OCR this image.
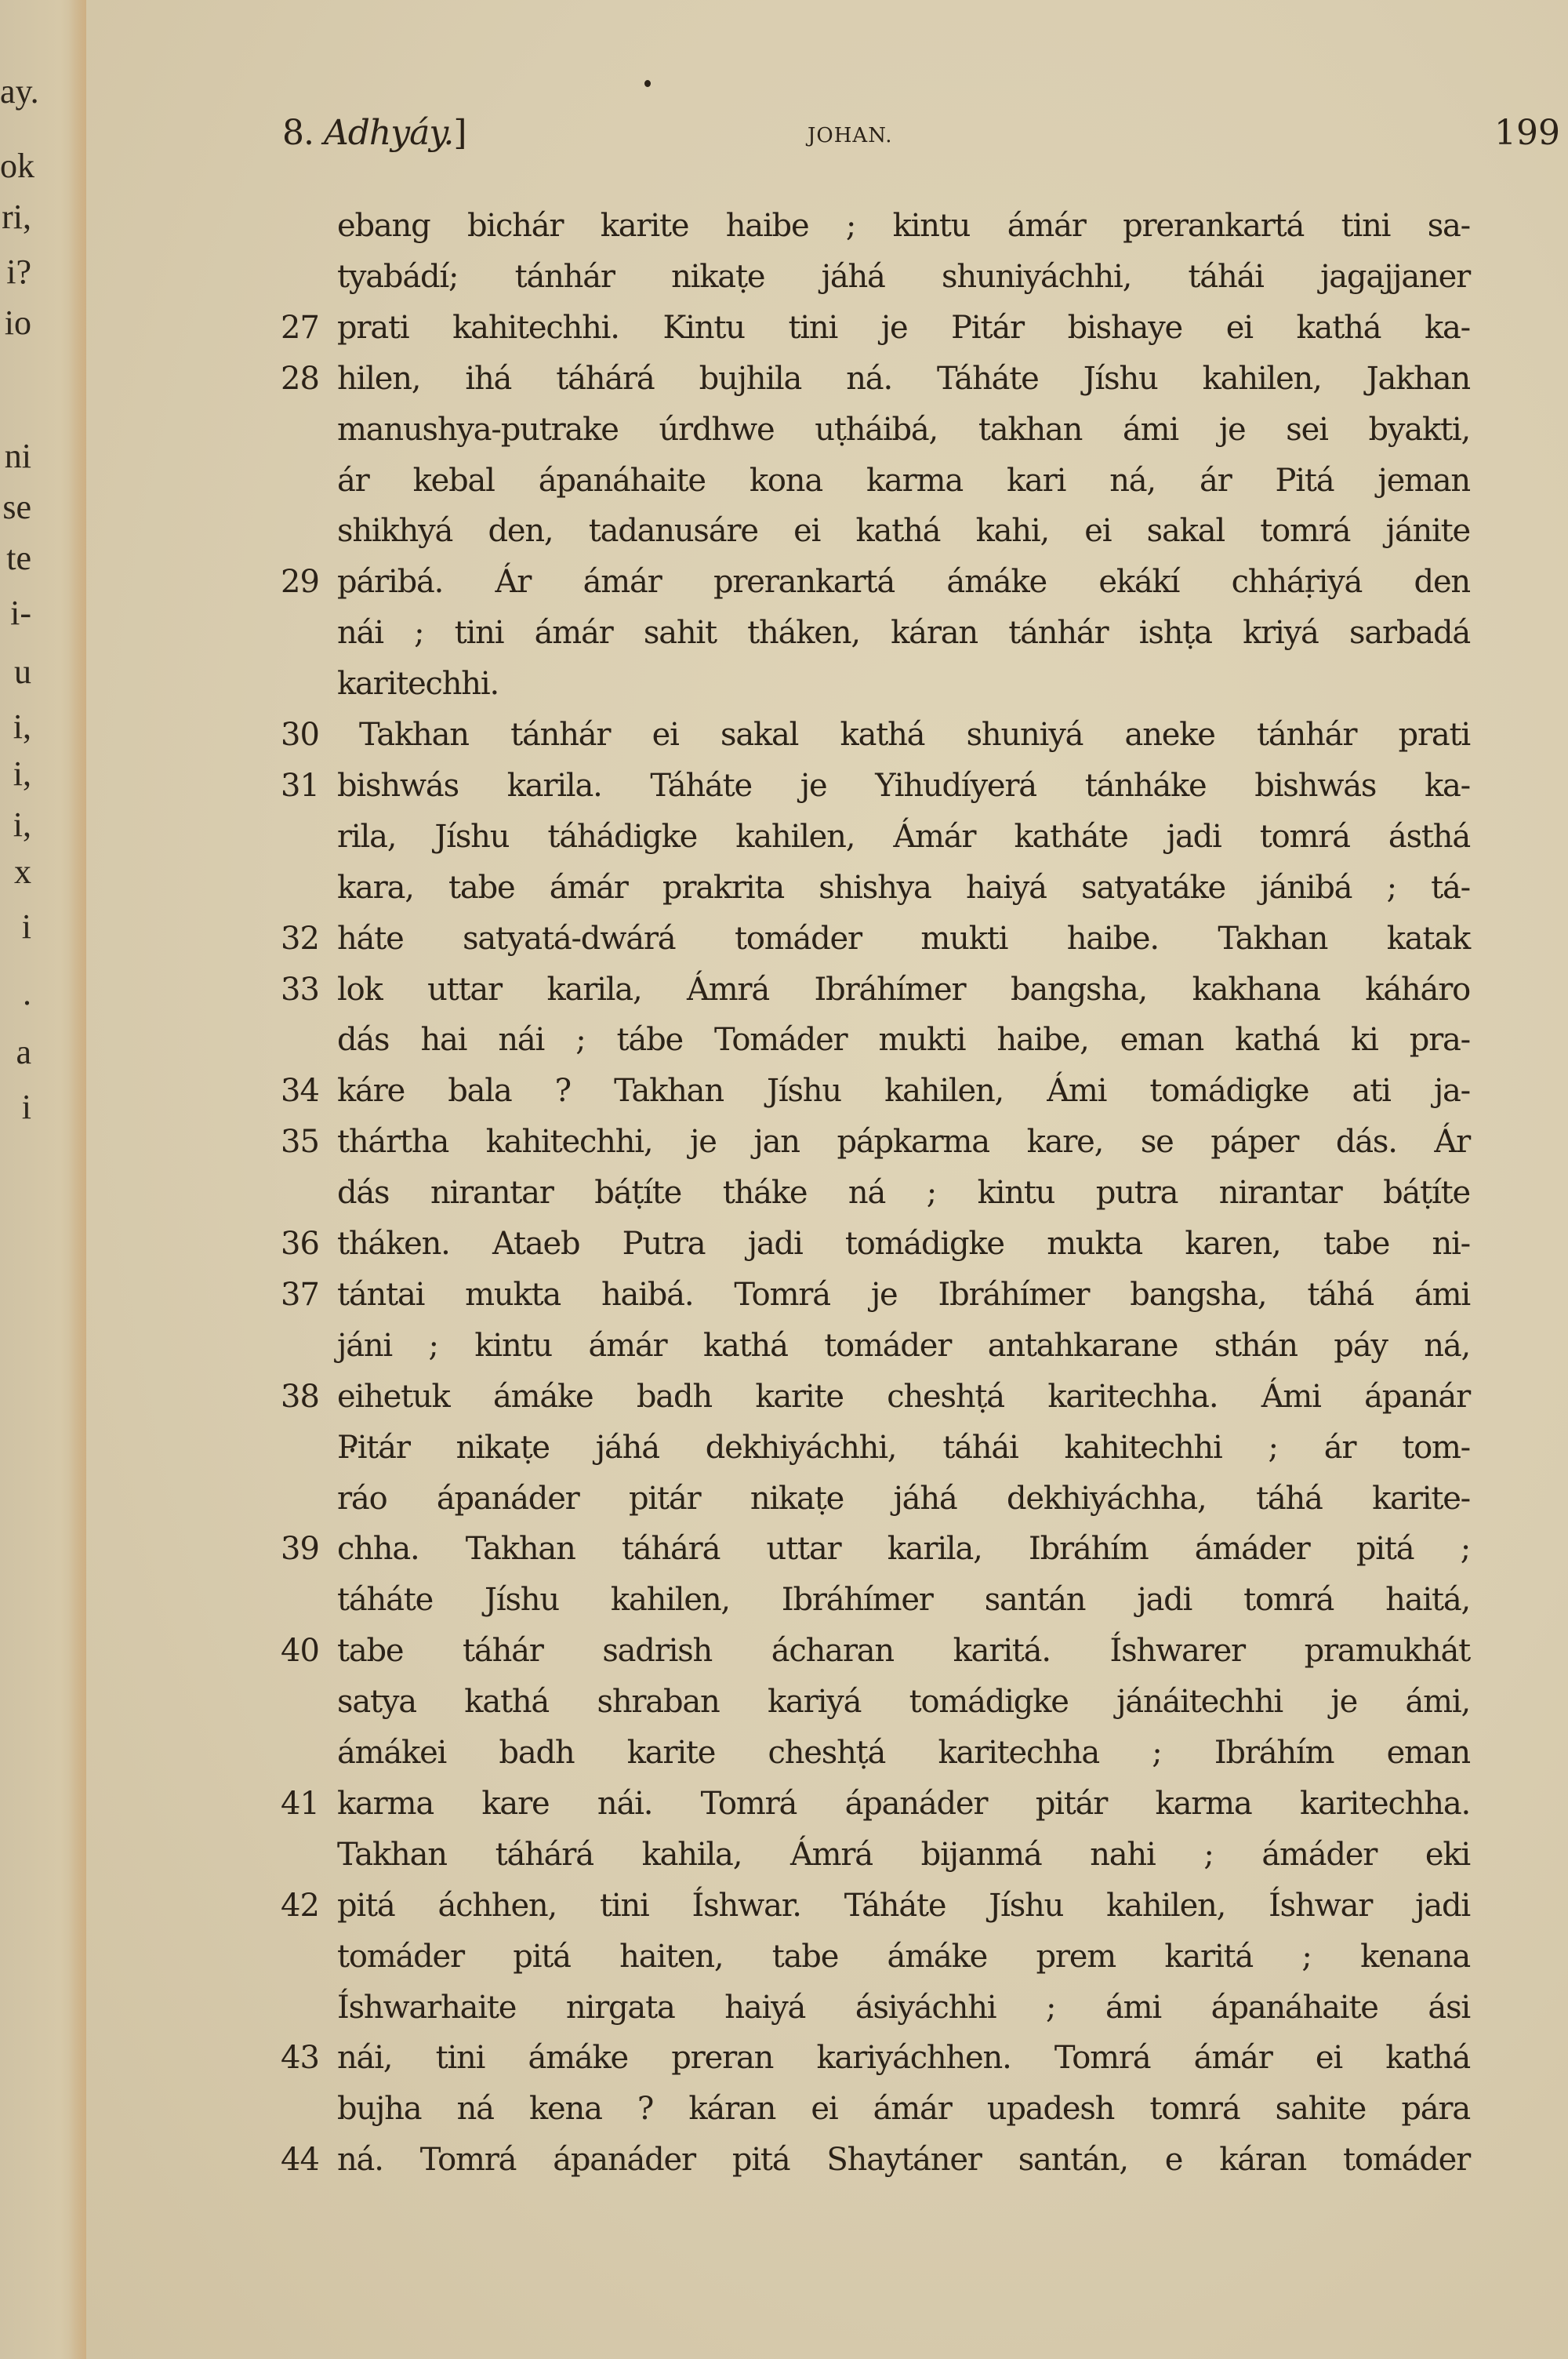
ay.
ok
ri,
i?
io
ni
se
te
i-
u
i,
i,
i,
x
i
.
a
i
8. Adhyáy.]	JOHAN.	199
ebang bichár karite haibe ; kintu ámár prerankartá tini sa-
tyabádí; tánhár nikaṭe jáhá shuniyáchhi, táhái jagajjaner
27 prati kahitechhi. Kintu tini je Pitár bishaye ei kathá ka-
28 hilen, ihá táhárá bujhila ná. Táháte Jíshu kahilen, Jakhan
manushya-putrake úrdhwe uṭháibá, takhan ámi je sei byakti,
ár kebal ápanáhaite kona karma kari ná, ár Pitá jeman
shikhyá den, tadanusáre ei kathá kahi, ei sakal tomrá jánite
29 páribá. Ár ámár prerankartá ámáke ekákí chháṛiyá den
nái ; tini ámár sahit tháken, káran tánhár ishṭa kriyá sarbadá
karitechhi.
30 Takhan tánhár ei sakal kathá shuniyá aneke tánhár prati
31 bishwás karila. Táháte je Yihudíyerá tánháke bishwás ka-
rila, Jíshu táhádigke kahilen, Ámár katháte jadi tomrá ásthá
kara, tabe ámár prakrita shishya haiyá satyatáke jánibá ; tá-
32 háte satyatá-dwárá tomáder mukti haibe. Takhan katak
33 lok uttar karila, Ámrá Ibráhímer bangsha, kakhana káháro
dás hai nái ; tábe Tomáder mukti haibe, eman kathá ki pra-
34 káre bala ? Takhan Jíshu kahilen, Ámi tomádigke ati ja-
35 thártha kahitechhi, je jan pápkarma kare, se páper dás. Ár
dás nirantar báṭíte tháke ná ; kintu putra nirantar báṭíte
36 tháken. Ataeb Putra jadi tomádigke mukta karen, tabe ni-
37 tántai mukta haibá. Tomrá je Ibráhímer bangsha, táhá ámi
jáni ; kintu ámár kathá tomáder antahkarane sthán páy ná,
38 eihetuk ámáke badh karite cheshṭá karitechha. Ámi ápanár
Pitár nikaṭe jáhá dekhiyáchhi, táhái kahitechhi ; ár tom-
ráo ápanáder pitár nikaṭe jáhá dekhiyáchha, táhá karite-
39 chha. Takhan táhárá uttar karila, Ibráhím ámáder pitá ;
táháte Jíshu kahilen, Ibráhímer santán jadi tomrá haitá,
40 tabe táhár sadrish ácharan karitá. Íshwarer pramukhát
satya kathá shraban kariyá tomádigke jánáitechhi je ámi,
ámákei badh karite cheshṭá karitechha ; Ibráhím eman
41 karma kare nái. Tomrá ápanáder pitár karma karitechha.
Takhan táhárá kahila, Ámrá bijanmá nahi ; ámáder eki
42 pitá áchhen, tini Íshwar. Táháte Jíshu kahilen, Íshwar jadi
tomáder pitá haiten, tabe ámáke prem karitá ; kenana
Íshwarhaite nirgata haiyá ásiyáchhi ; ámi ápanáhaite ási
43 nái, tini ámáke preran kariyáchhen. Tomrá ámár ei kathá
bujha ná kena ? káran ei ámár upadesh tomrá sahite pára
44 ná. Tomrá ápanáder pitá Shaytáner santán, e káran tomáder
